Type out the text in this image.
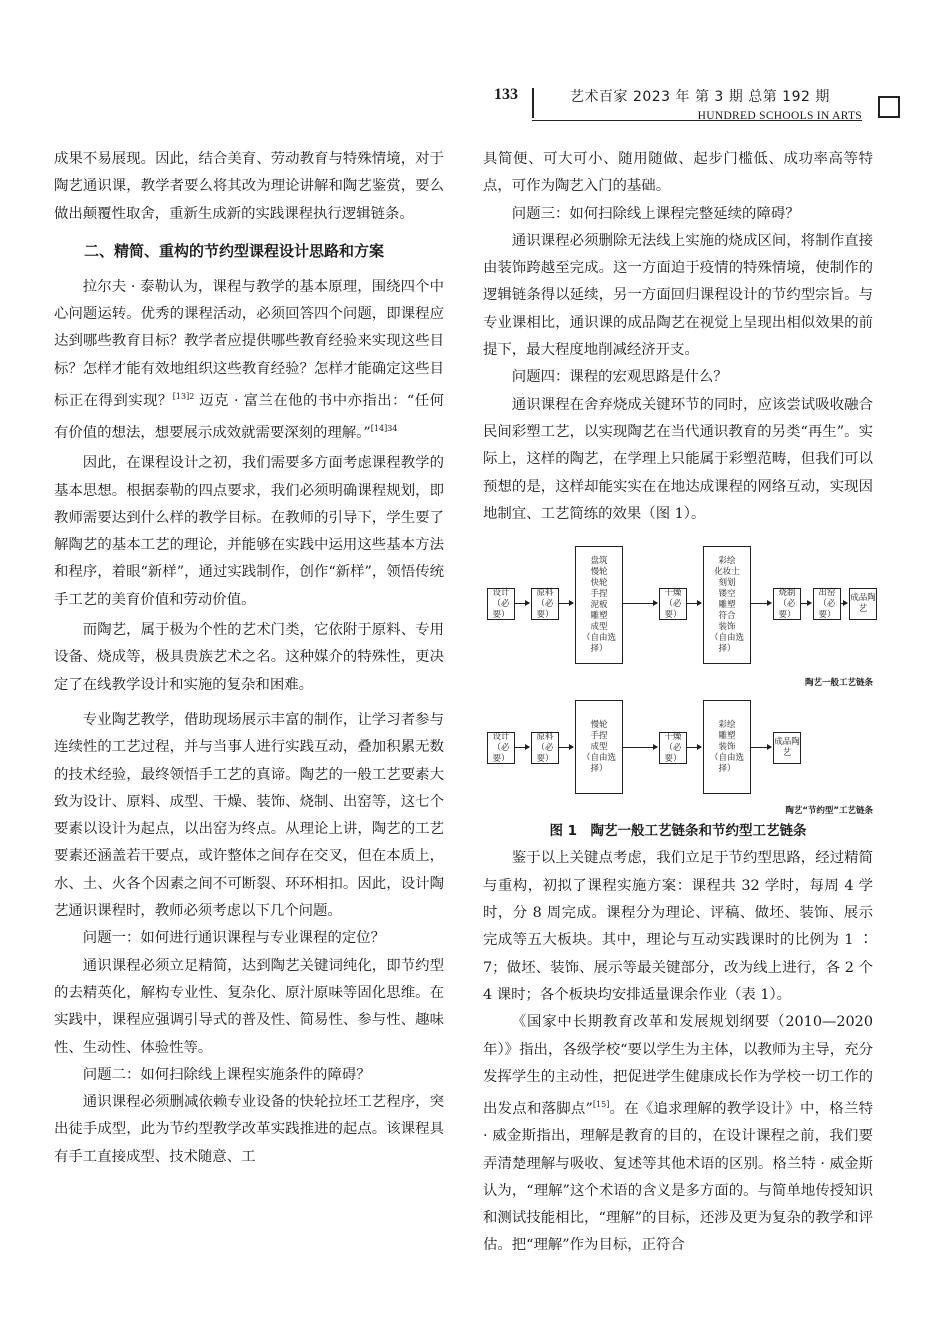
133	艺术百家 2023 年 第 3 期 总第 192 期
HUNDRED SCHOOLS IN ARTS

成果不易展现。因此，结合美育、劳动教育与特殊情境，对于陶艺通识课，教学者要么将其改为理论讲解和陶艺鉴赏，要么做出颠覆性取舍，重新生成新的实践课程执行逻辑链条。

二、精简、重构的节约型课程设计思路和方案

拉尔夫 · 泰勒认为，课程与教学的基本原理，围绕四个中心问题运转。优秀的课程活动，必须回答四个问题，即课程应达到哪些教育目标？教学者应提供哪些教育经验来实现这些目标？怎样才能有效地组织这些教育经验？怎样才能确定这些目标正在得到实现？$^{[13]2}$ 迈克 · 富兰在他的书中亦指出：“任何有价值的想法，想要展示成效就需要深刻的理解。”$^{[14]34}$

因此，在课程设计之初，我们需要多方面考虑课程教学的基本思想。根据泰勒的四点要求，我们必须明确课程规划，即教师需要达到什么样的教学目标。在教师的引导下，学生要了解陶艺的基本工艺的理论，并能够在实践中运用这些基本方法和程序，着眼“新样”，通过实践制作，创作“新样”，领悟传统手工艺的美育价值和劳动价值。

而陶艺，属于极为个性的艺术门类，它依附于原料、专用设备、烧成等，极具贵族艺术之名。这种媒介的特殊性，更决定了在线教学设计和实施的复杂和困难。

专业陶艺教学，借助现场展示丰富的制作，让学习者参与连续性的工艺过程，并与当事人进行实践互动，叠加积累无数的技术经验，最终领悟手工艺的真谛。陶艺的一般工艺要素大致为设计、原料、成型、干燥、装饰、烧制、出窑等，这七个要素以设计为起点，以出窑为终点。从理论上讲，陶艺的工艺要素还涵盖若干要点，或许整体之间存在交叉，但在本质上，水、土、火各个因素之间不可断裂、环环相扣。因此，设计陶艺通识课程时，教师必须考虑以下几个问题。

问题一：如何进行通识课程与专业课程的定位？

通识课程必须立足精简，达到陶艺关键词纯化，即节约型的去精英化，解构专业性、复杂化、原汁原味等固化思维。在实践中，课程应强调引导式的普及性、简易性、参与性、趣味性、生动性、体验性等。

问题二：如何扫除线上课程实施条件的障碍？

通识课程必须删减依赖专业设备的快轮拉坯工艺程序，突出徒手成型，此为节约型教学改革实践推进的起点。该课程具有手工直接成型、技术随意、工

具简便、可大可小、随用随做、起步门槛低、成功率高等特点，可作为陶艺入门的基础。

问题三：如何扫除线上课程完整延续的障碍？

通识课程必须删除无法线上实施的烧成区间，将制作直接由装饰跨越至完成。这一方面迫于疫情的特殊情境，使制作的逻辑链条得以延续，另一方面回归课程设计的节约型宗旨。与专业课相比，通识课的成品陶艺在视觉上呈现出相似效果的前提下，最大程度地削减经济开支。

问题四：课程的宏观思路是什么？

通识课程在舍弃烧成关键环节的同时，应该尝试吸收融合民间彩塑工艺，以实现陶艺在当代通识教育的另类“再生”。实际上，这样的陶艺，在学理上只能属于彩塑范畴，但我们可以预想的是，这样却能实实在在地达成课程的网络互动，实现因地制宜、工艺简练的效果（图 1）。

设计（必要）
原料（必要）
盘筑
慢轮
快轮
手捏
泥板
雕塑
成型
（自由选择）
干燥（必要）
彩绘
化妆土
刻划
镂空
雕塑
符合
装饰
（自由选择）
烧制（必要）
出窑（必要）
成品陶艺
陶艺一般工艺链条
设计（必要）
原料（必要）
慢轮
手捏
成型
（自由选择）
干燥（必要）
彩绘
雕塑
装饰
（自由选择）
成品陶艺
陶艺“节约型”工艺链条

图 1　陶艺一般工艺链条和节约型工艺链条

鉴于以上关键点考虑，我们立足于节约型思路，经过精简与重构，初拟了课程实施方案：课程共 32 学时，每周 4 学时，分 8 周完成。课程分为理论、评稿、做坯、装饰、展示完成等五大板块。其中，理论与互动实践课时的比例为 1 ∶ 7；做坯、装饰、展示等最关键部分，改为线上进行，各 2 个 4 课时；各个板块均安排适量课余作业（表 1）。

《国家中长期教育改革和发展规划纲要（2010—2020 年）》指出，各级学校“要以学生为主体，以教师为主导，充分发挥学生的主动性，把促进学生健康成长作为学校一切工作的出发点和落脚点”[15]。在《追求理解的教学设计》中，格兰特 · 威金斯指出，理解是教育的目的，在设计课程之前，我们要弄清楚理解与吸收、复述等其他术语的区别。格兰特 · 威金斯认为，“理解”这个术语的含义是多方面的。与简单地传授知识和测试技能相比，“理解”的目标，还涉及更为复杂的教学和评估。把“理解”作为目标，正符合
